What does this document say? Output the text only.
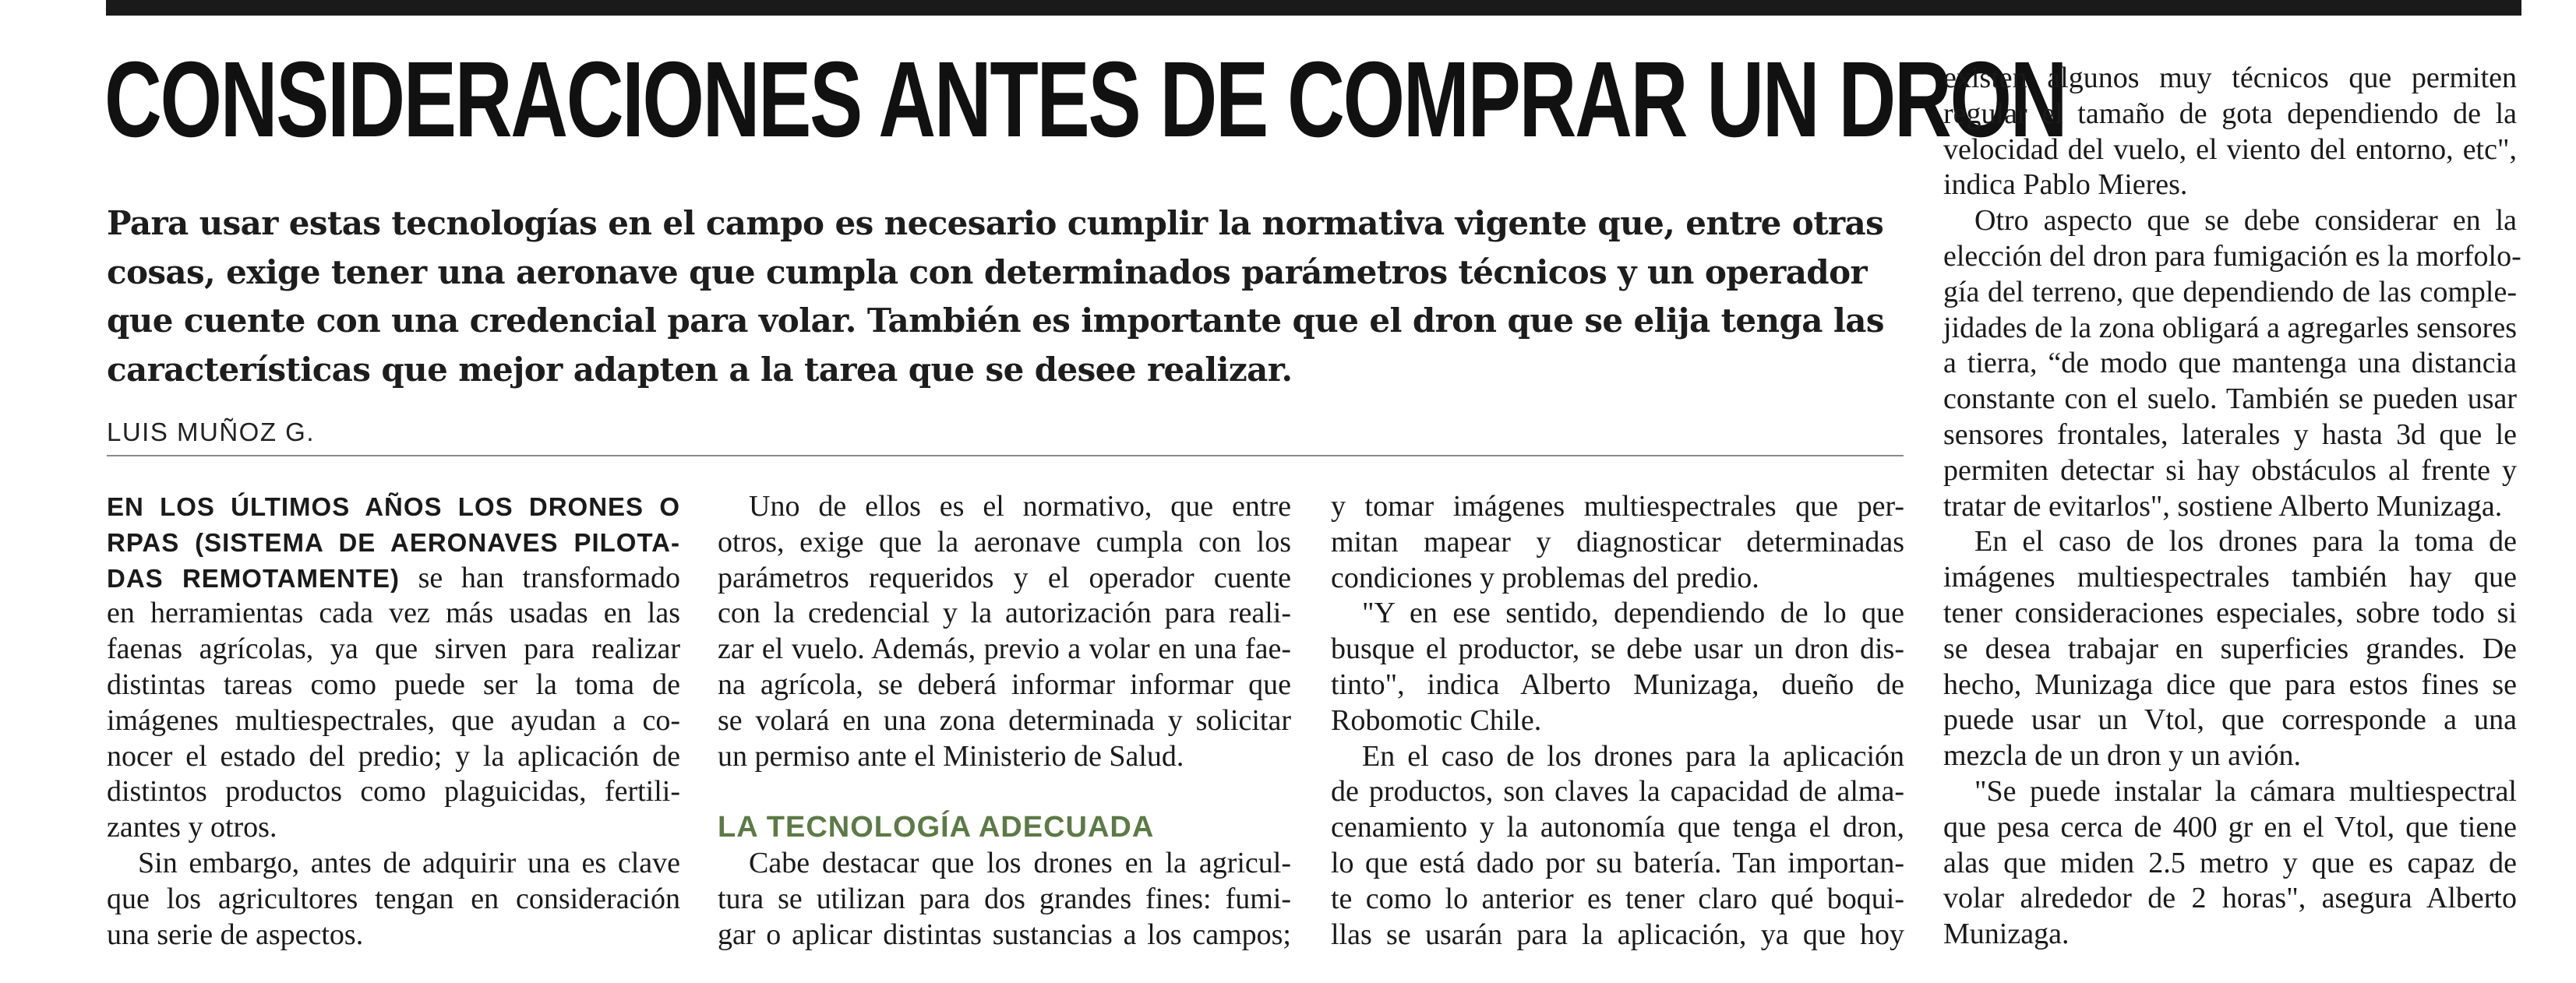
CONSIDERACIONES ANTES DE COMPRAR UN DRON
Para usar estas tecnologías en el campo es necesario cumplir la normativa vigente que, entre otras
cosas, exige tener una aeronave que cumpla con determinados parámetros técnicos y un operador
que cuente con una credencial para volar. También es importante que el dron que se elija tenga las
características que mejor adapten a la tarea que se desee realizar.
LUIS MUÑOZ G.
EN LOS ÚLTIMOS AÑOS LOS DRONES O
RPAS (SISTEMA DE AERONAVES PILOTA-
DAS REMOTAMENTE) se han transformado
en herramientas cada vez más usadas en las
faenas agrícolas, ya que sirven para realizar
distintas tareas como puede ser la toma de
imágenes multiespectrales, que ayudan a co-
nocer el estado del predio; y la aplicación de
distintos productos como plaguicidas, fertili-
zantes y otros.
Sin embargo, antes de adquirir una es clave
que los agricultores tengan en consideración
una serie de aspectos.
Uno de ellos es el normativo, que entre
otros, exige que la aeronave cumpla con los
parámetros requeridos y el operador cuente
con la credencial y la autorización para reali-
zar el vuelo. Además, previo a volar en una fae-
na agrícola, se deberá informar informar que
se volará en una zona determinada y solicitar
un permiso ante el Ministerio de Salud.
LA TECNOLOGÍA ADECUADA
Cabe destacar que los drones en la agricul-
tura se utilizan para dos grandes fines: fumi-
gar o aplicar distintas sustancias a los campos;
y tomar imágenes multiespectrales que per-
mitan mapear y diagnosticar determinadas
condiciones y problemas del predio.
"Y en ese sentido, dependiendo de lo que
busque el productor, se debe usar un dron dis-
tinto", indica Alberto Munizaga, dueño de
Robomotic Chile.
En el caso de los drones para la aplicación
de productos, son claves la capacidad de alma-
cenamiento y la autonomía que tenga el dron,
lo que está dado por su batería. Tan importan-
te como lo anterior es tener claro qué boqui-
llas se usarán para la aplicación, ya que hoy
existen algunos muy técnicos que permiten
regular el tamaño de gota dependiendo de la
velocidad del vuelo, el viento del entorno, etc",
indica Pablo Mieres.
Otro aspecto que se debe considerar en la
elección del dron para fumigación es la morfolo-
gía del terreno, que dependiendo de las comple-
jidades de la zona obligará a agregarles sensores
a tierra, “de modo que mantenga una distancia
constante con el suelo. También se pueden usar
sensores frontales, laterales y hasta 3d que le
permiten detectar si hay obstáculos al frente y
tratar de evitarlos", sostiene Alberto Munizaga.
En el caso de los drones para la toma de
imágenes multiespectrales también hay que
tener consideraciones especiales, sobre todo si
se desea trabajar en superficies grandes. De
hecho, Munizaga dice que para estos fines se
puede usar un Vtol, que corresponde a una
mezcla de un dron y un avión.
"Se puede instalar la cámara multiespectral
que pesa cerca de 400 gr en el Vtol, que tiene
alas que miden 2.5 metro y que es capaz de
volar alrededor de 2 horas", asegura Alberto
Munizaga.
